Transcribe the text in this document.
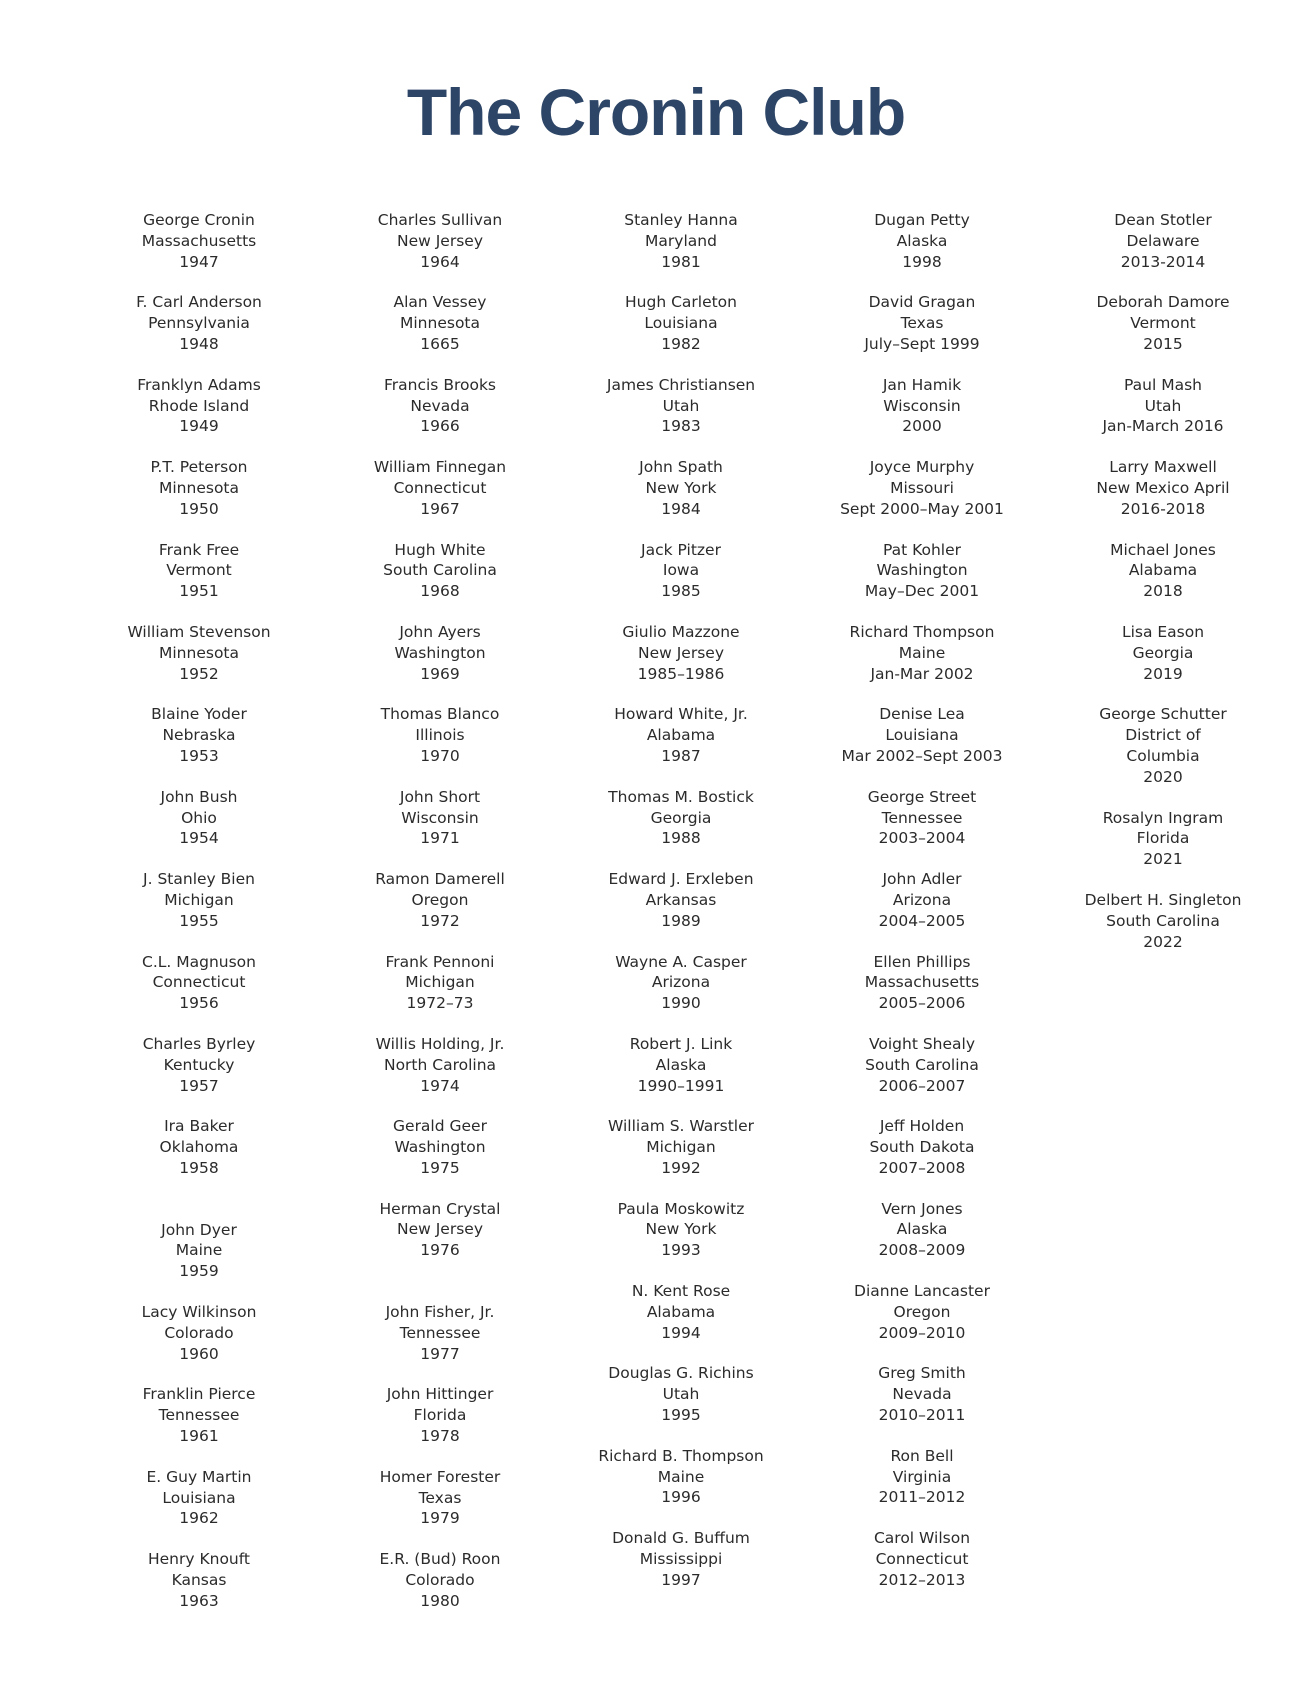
The Cronin Club
George Cronin
Massachusetts
1947
F. Carl Anderson
Pennsylvania
1948
Franklyn Adams
Rhode Island
1949
P.T. Peterson
Minnesota
1950
Frank Free
Vermont
1951
William Stevenson
Minnesota
1952
Blaine Yoder
Nebraska
1953
John Bush
Ohio
1954
J. Stanley Bien
Michigan
1955
C.L. Magnuson
Connecticut
1956
Charles Byrley
Kentucky
1957
Ira Baker
Oklahoma
1958
John Dyer
Maine
1959
Lacy Wilkinson
Colorado
1960
Franklin Pierce
Tennessee
1961
E. Guy Martin
Louisiana
1962
Henry Knouft
Kansas
1963
Charles Sullivan
New Jersey
1964
Alan Vessey
Minnesota
1665
Francis Brooks
Nevada
1966
William Finnegan
Connecticut
1967
Hugh White
South Carolina
1968
John Ayers
Washington
1969
Thomas Blanco
Illinois
1970
John Short
Wisconsin
1971
Ramon Damerell
Oregon
1972
Frank Pennoni
Michigan
1972–73
Willis Holding, Jr.
North Carolina
1974
Gerald Geer
Washington
1975
Herman Crystal
New Jersey
1976
John Fisher, Jr.
Tennessee
1977
John Hittinger
Florida
1978
Homer Forester
Texas
1979
E.R. (Bud) Roon
Colorado
1980
Stanley Hanna
Maryland
1981
Hugh Carleton
Louisiana
1982
James Christiansen
Utah
1983
John Spath
New York
1984
Jack Pitzer
Iowa
1985
Giulio Mazzone
New Jersey
1985–1986
Howard White, Jr.
Alabama
1987
Thomas M. Bostick
Georgia
1988
Edward J. Erxleben
Arkansas
1989
Wayne A. Casper
Arizona
1990
Robert J. Link
Alaska
1990–1991
William S. Warstler
Michigan
1992
Paula Moskowitz
New York
1993
N. Kent Rose
Alabama
1994
Douglas G. Richins
Utah
1995
Richard B. Thompson
Maine
1996
Donald G. Buffum
Mississippi
1997
Dugan Petty
Alaska
1998
David Gragan
Texas
July–Sept 1999
Jan Hamik
Wisconsin
2000
Joyce Murphy
Missouri
Sept 2000–May 2001
Pat Kohler
Washington
May–Dec 2001
Richard Thompson
Maine
Jan-Mar 2002
Denise Lea
Louisiana
Mar 2002–Sept 2003
George Street
Tennessee
2003–2004
John Adler
Arizona
2004–2005
Ellen Phillips
Massachusetts
2005–2006
Voight Shealy
South Carolina
2006–2007
Jeff Holden
South Dakota
2007–2008
Vern Jones
Alaska
2008–2009
Dianne Lancaster
Oregon
2009–2010
Greg Smith
Nevada
2010–2011
Ron Bell
Virginia
2011–2012
Carol Wilson
Connecticut
2012–2013
Dean Stotler
Delaware
2013-2014
Deborah Damore
Vermont
2015
Paul Mash
Utah
Jan-March 2016
Larry Maxwell
New Mexico April
2016-2018
Michael Jones
Alabama
2018
Lisa Eason
Georgia
2019
George Schutter
District of Columbia
2020
Rosalyn Ingram
Florida
2021
Delbert H. Singleton
South Carolina
2022
